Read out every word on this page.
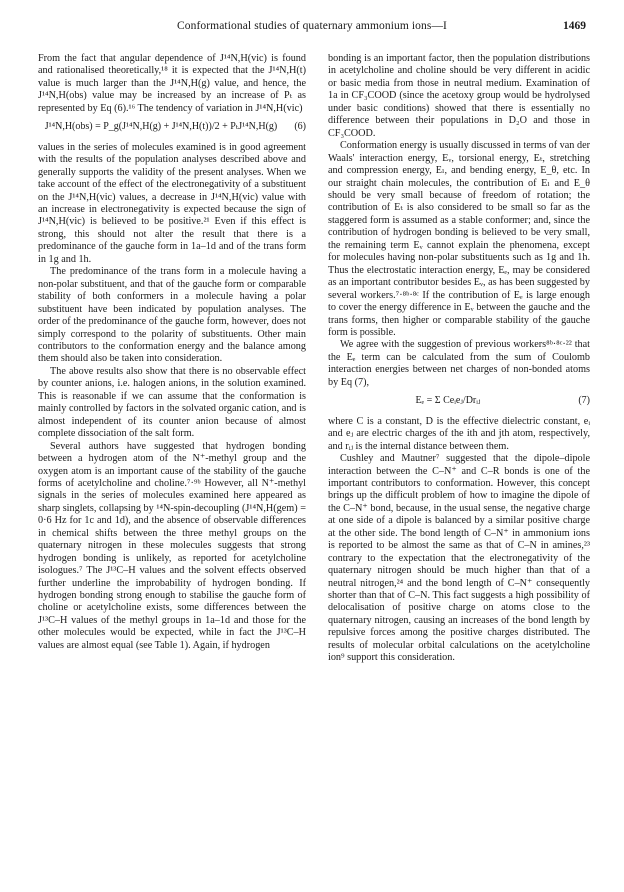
Conformational studies of quaternary ammonium ions—I	1469

From the fact that angular dependence of J¹⁴N,H(vic) is found and rationalised theoretically,¹⁸ it is expected that the J¹⁴N,H(t) value is much larger than the J¹⁴N,H(g) value, and hence, the J¹⁴N,H(obs) value may be increased by an increase of Pₜ as represented by Eq (6).¹⁶ The tendency of variation in J¹⁴N,H(vic)

J¹⁴N,H(obs) = P_g(J¹⁴N,H(g) + J¹⁴N,H(t))/2 + PₜJ¹⁴N,H(g)	(6)

values in the series of molecules examined is in good agreement with the results of the population analyses described above and generally supports the validity of the present analyses. When we take account of the effect of the electronegativity of a substituent on the J¹⁴N,H(vic) values, a decrease in J¹⁴N,H(vic) value with an increase in electronegativity is expected because the sign of J¹⁴N,H(vic) is believed to be positive.²¹ Even if this effect is strong, this should not alter the result that there is a predominance of the gauche form in 1a–1d and of the trans form in 1g and 1h.

The predominance of the trans form in a molecule having a non-polar substituent, and that of the gauche form or comparable stability of both conformers in a molecule having a polar substituent have been indicated by population analyses. The order of the predominance of the gauche form, however, does not simply correspond to the polarity of substituents. Other main contributors to the conformation energy and the balance among them should also be taken into consideration.

The above results also show that there is no observable effect by counter anions, i.e. halogen anions, in the solution examined. This is reasonable if we can assume that the conformation is mainly controlled by factors in the solvated organic cation, and is almost independent of its counter anion because of almost complete dissociation of the salt form.

Several authors have suggested that hydrogen bonding between a hydrogen atom of the N⁺-methyl group and the oxygen atom is an important cause of the stability of the gauche forms of acetylcholine and choline.⁷·⁹ᵇ However, all N⁺-methyl signals in the series of molecules examined here appeared as sharp singlets, collapsing by ¹⁴N-spin-decoupling (J¹⁴N,H(gem) = 0·6 Hz for 1c and 1d), and the absence of observable differences in chemical shifts between the three methyl groups on the quaternary nitrogen in these molecules suggests that strong hydrogen bonding is unlikely, as reported for acetylcholine isologues.⁷ The J¹³C–H values and the solvent effects observed further underline the improbability of hydrogen bonding. If hydrogen bonding strong enough to stabilise the gauche form of choline or acetylcholine exists, some differences between the J¹³C–H values of the methyl groups in 1a–1d and those for the other molecules would be expected, while in fact the J¹³C–H values are almost equal (see Table 1). Again, if hydrogen

bonding is an important factor, then the population distributions in acetylcholine and choline should be very different in acidic or basic media from those in neutral medium. Examination of 1a in CF₃COOD (since the acetoxy group would be hydrolysed under basic conditions) showed that there is essentially no difference between their populations in D₂O and those in CF₃COOD.

Conformation energy is usually discussed in terms of van der Waals' interaction energy, Eᵥ, torsional energy, Eₜ, stretching and compression energy, Eₗ, and bending energy, E_θ, etc. In our straight chain molecules, the contribution of Eₗ and E_θ should be very small because of freedom of rotation; the contribution of Eₜ is also considered to be small so far as the staggered form is assumed as a stable conformer; and, since the contribution of hydrogen bonding is believed to be very small, the remaining term Eᵥ cannot explain the phenomena, except for molecules having non-polar substituents such as 1g and 1h. Thus the electrostatic interaction energy, Eₑ, may be considered as an important contributor besides Eᵥ, as has been suggested by several workers.⁷·⁸ᵇ·⁸ᶜ If the contribution of Eₑ is large enough to cover the energy difference in Eᵥ between the gauche and the trans forms, then higher or comparable stability of the gauche form is possible.

We agree with the suggestion of previous workers⁸ᵇ·⁸ᶜ·²² that the Eₑ term can be calculated from the sum of Coulomb interaction energies between net charges of non-bonded atoms by Eq (7),

Eₑ = Σ Ceᵢeⱼ/Drᵢⱼ	(7)

where C is a constant, D is the effective dielectric constant, eᵢ and eⱼ are electric charges of the ith and jth atom, respectively, and rᵢⱼ is the internal distance between them.

Cushley and Mautner⁷ suggested that the dipole–dipole interaction between the C–N⁺ and C–R bonds is one of the important contributors to conformation. However, this concept brings up the difficult problem of how to imagine the dipole of the C–N⁺ bond, because, in the usual sense, the negative charge at one side of a dipole is balanced by a similar positive charge at the other side. The bond length of C–N⁺ in ammonium ions is reported to be almost the same as that of C–N in amines,²³ contrary to the expectation that the electronegativity of the quaternary nitrogen should be much higher than that of a neutral nitrogen,²⁴ and the bond length of C–N⁺ consequently shorter than that of C–N. This fact suggests a high possibility of delocalisation of positive charge on atoms close to the quaternary nitrogen, causing an increases of the bond length by repulsive forces among the positive charges distributed. The results of molecular orbital calculations on the acetylcholine ion⁹ support this consideration.
